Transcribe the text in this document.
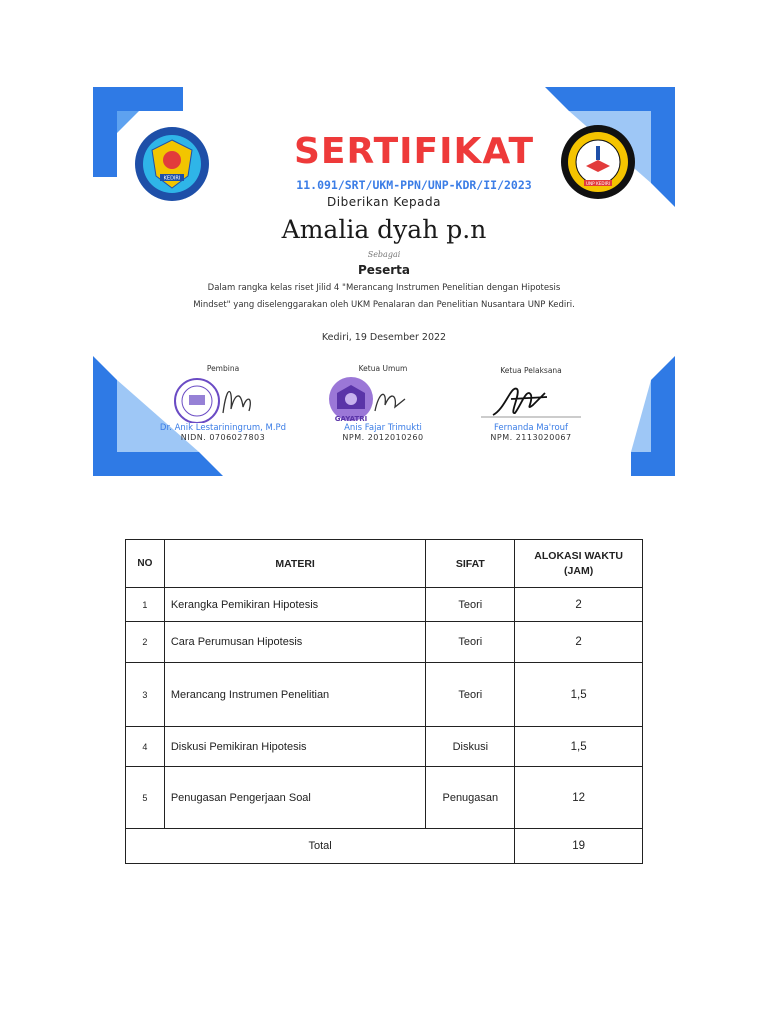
KEDIRI
UNP KEDIRI
SERTIFIKAT
11.091/SRT/UKM-PPN/UNP-KDR/II/2023
Diberikan Kepada
Amalia dyah p.n
Sebagai
Peserta
Dalam rangka kelas riset Jilid 4 "Merancang Instrumen Penelitian dengan Hipotesis Mindset" yang diselenggarakan oleh UKM Penalaran dan Penelitian Nusantara UNP Kediri.
Kediri, 19 Desember 2022
Pembina
Dr. Anik Lestariningrum, M.Pd
NIDN. 0706027803
Ketua Umum
GAYATRI
Anis Fajar Trimukti
NPM. 2012010260
Ketua Pelaksana
Fernanda Ma'rouf
NPM. 2113020067
NO	MATERI	SIFAT	ALOKASI WAKTU (JAM)
1	Kerangka Pemikiran Hipotesis	Teori	2
2	Cara Perumusan Hipotesis	Teori	2
3	Merancang Instrumen Penelitian	Teori	1,5
4	Diskusi Pemikiran Hipotesis	Diskusi	1,5
5	Penugasan Pengerjaan Soal	Penugasan	12
Total			19
